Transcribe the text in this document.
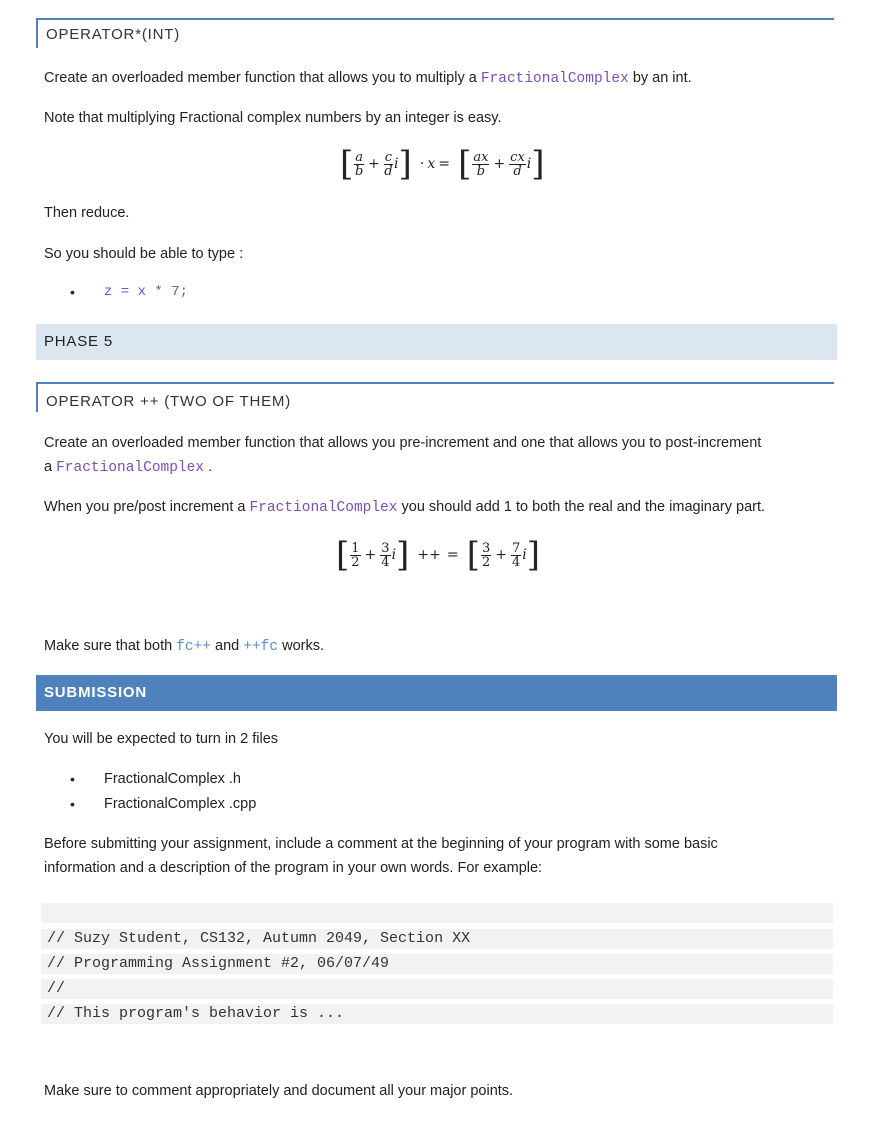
OPERATOR*(INT)
Create an overloaded member function that allows you to multiply a FractionalComplex by an int.
Note that multiplying Fractional complex numbers by an integer is easy.
[ $\frac{a}{b} + \frac{c}{d} i] \cdot x$ = [ $\frac{ax}{b} + \frac{cx}{d} i$]
Then reduce.
So you should be able to type :
• z = x * 7;
PHASE 5
OPERATOR ++ (TWO OF THEM)
Create an overloaded member function that allows you pre-increment and one that allows you to post-increment
a FractionalComplex .
When you pre/post increment a FractionalComplex you should add 1 to both the real and the imaginary part.
[ $\frac{1}{2} + \frac{3}{4} i$] ++ = [ $\frac{3}{2} + \frac{7}{4} i$]
Make sure that both fc++ and ++fc works.
SUBMISSION
You will be expected to turn in 2 files
• FractionalComplex .h
• FractionalComplex .cpp
Before submitting your assignment, include a comment at the beginning of your program with some basic
information and a description of the program in your own words. For example:
// Suzy Student, CS132, Autumn 2049, Section XX
// Programming Assignment #2, 06/07/49
//
// This program's behavior is ...
Make sure to comment appropriately and document all your major points.
